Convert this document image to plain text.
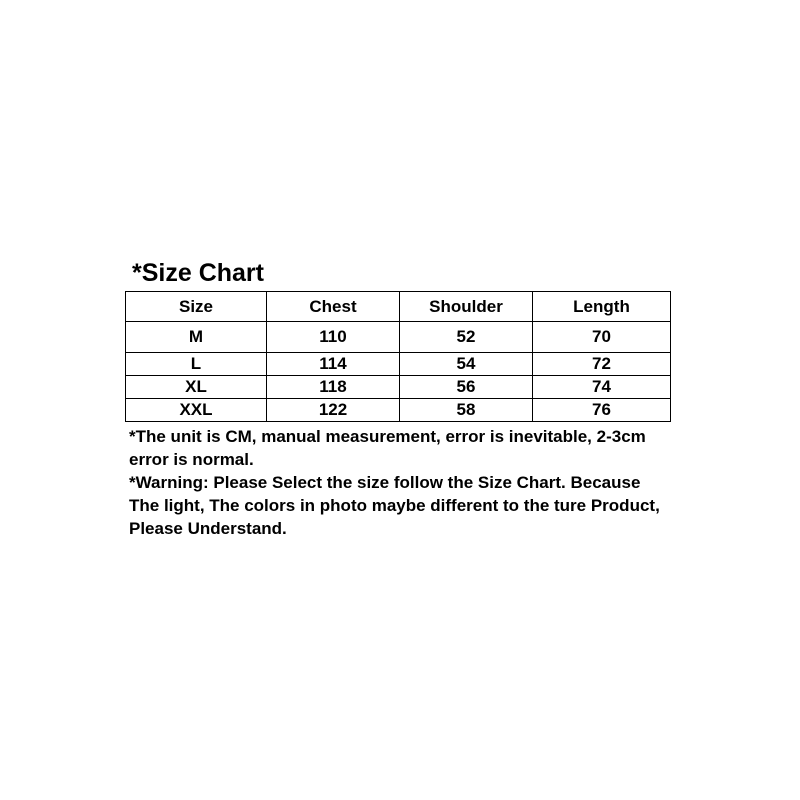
*Size Chart
Size	Chest	Shoulder	Length
M	110	52	70
L	114	54	72
XL	118	56	74
XXL	122	58	76

*The unit is CM, manual measurement, error is inevitable, 2-3cm error is normal.

*Warning: Please Select the size follow the Size Chart. Because The light, The colors in photo maybe different to the ture Product, Please Understand.
